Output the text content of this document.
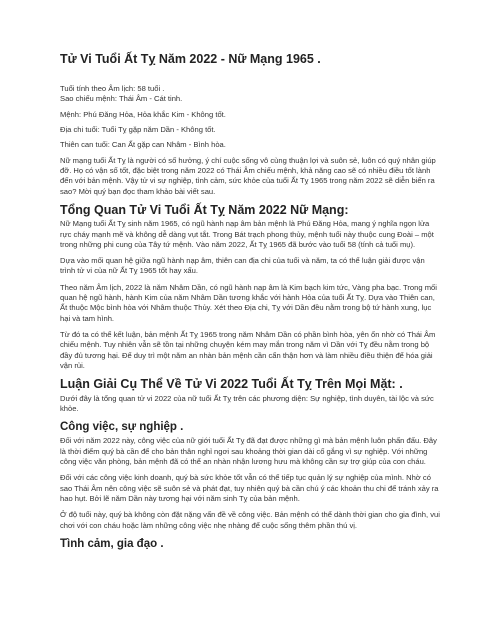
Tử Vi Tuổi Ất Tỵ Năm 2022 - Nữ Mạng 1965 .

Tuổi tính theo Âm lịch: 58 tuổi .
Sao chiếu mệnh: Thái Âm - Cát tinh.

Mệnh: Phú Đăng Hỏa, Hỏa khắc Kim - Không tốt.

Địa chi tuổi: Tuổi Tỵ gặp năm Dần - Không tốt.

Thiên can tuổi: Can Ất gặp can Nhâm - Bình hòa.

Nữ mạng tuổi Ất Tỵ là người có số hưởng, ý chí cuộc sống vô cùng thuận lợi và suôn sẻ, luôn có quý nhân giúp đỡ. Họ có vận số tốt, đặc biệt trong năm 2022 có Thái Âm chiếu mệnh, khả năng cao sẽ có nhiều điều tốt lành đến với bản mệnh. Vậy tử vi sự nghiệp, tình cảm, sức khỏe của tuổi Ất Tỵ 1965 trong năm 2022 sẽ diễn biến ra sao? Mời quý bạn đọc tham khảo bài viết sau.

Tổng Quan Tử Vi Tuổi Ất Tỵ Năm 2022 Nữ Mạng:

Nữ Mạng tuổi Ất Tỵ sinh năm 1965, có ngũ hành nạp âm bản mệnh là Phú Đăng Hỏa, mang ý nghĩa ngọn lửa rực cháy mạnh mẽ và không dễ dàng vụt tắt. Trong Bát trạch phong thủy, mệnh tuổi này thuộc cung Đoài – một trong những phi cung của Tây tứ mệnh. Vào năm 2022, Ất Tỵ 1965 đã bước vào tuổi 58 (tính cả tuổi mụ).

Dựa vào mối quan hệ giữa ngũ hành nạp âm, thiên can địa chi của tuổi và năm, ta có thể luận giải được vận trình tử vi của nữ Ất Tỵ 1965 tốt hay xấu.

Theo năm Âm lịch, 2022 là năm Nhâm Dần, có ngũ hành nạp âm là Kim bạch kim tức, Vàng pha bạc. Trong mối quan hệ ngũ hành, hành Kim của năm Nhâm Dần tương khắc với hành Hỏa của tuổi Ất Tỵ. Dựa vào Thiên can, Ất thuộc Mộc bình hòa với Nhâm thuộc Thủy. Xét theo Địa chi, Tỵ với Dần đều nằm trong bộ tứ hành xung, lục hại và tam hình.

Từ đó ta có thể kết luận, bản mệnh Ất Tỵ 1965 trong năm Nhâm Dần có phần bình hòa, yên ổn nhờ có Thái Âm chiếu mệnh. Tuy nhiên vẫn sẽ tồn tại những chuyện kém may mắn trong năm vì Dần với Tỵ đều nằm trong bộ đầy đủ tương hại. Để duy trì một năm an nhàn bản mệnh cần cẩn thận hơn và làm nhiều điều thiện để hóa giải vận rủi.

Luận Giải Cụ Thể Về Tử Vi 2022 Tuổi Ất Tỵ Trên Mọi Mặt: .

Dưới đây là tổng quan tử vi 2022 của nữ tuổi Ất Tỵ trên các phương diện: Sự nghiệp, tình duyên, tài lộc và sức khỏe.

Công việc, sự nghiệp .

Đối với năm 2022 này, công việc của nữ giới tuổi Ất Tỵ đã đạt được những gì mà bản mệnh luôn phấn đấu. Đây là thời điểm quý bà cần để cho bản thân nghỉ ngơi sau khoảng thời gian dài cố gắng vì sự nghiệp. Với những công việc văn phòng, bản mệnh đã có thể an nhàn nhận lương hưu mà không cần sự trợ giúp của con cháu.

Đối với các công việc kinh doanh, quý bà sức khỏe tốt vẫn có thể tiếp tục quản lý sự nghiệp của mình. Nhờ có sao Thái Âm nên công việc sẽ suôn sẻ và phát đạt, tuy nhiên quý bà cần chú ý các khoản thu chi để tránh xảy ra hao hụt. Bởi lẽ năm Dần này tương hại với năm sinh Tỵ của bản mệnh.

Ở độ tuổi này, quý bà không còn đặt nặng vấn đề về công việc. Bản mệnh có thể dành thời gian cho gia đình, vui chơi với con cháu hoặc làm những công việc nhẹ nhàng để cuộc sống thêm phần thú vị.

Tình cảm, gia đạo .
